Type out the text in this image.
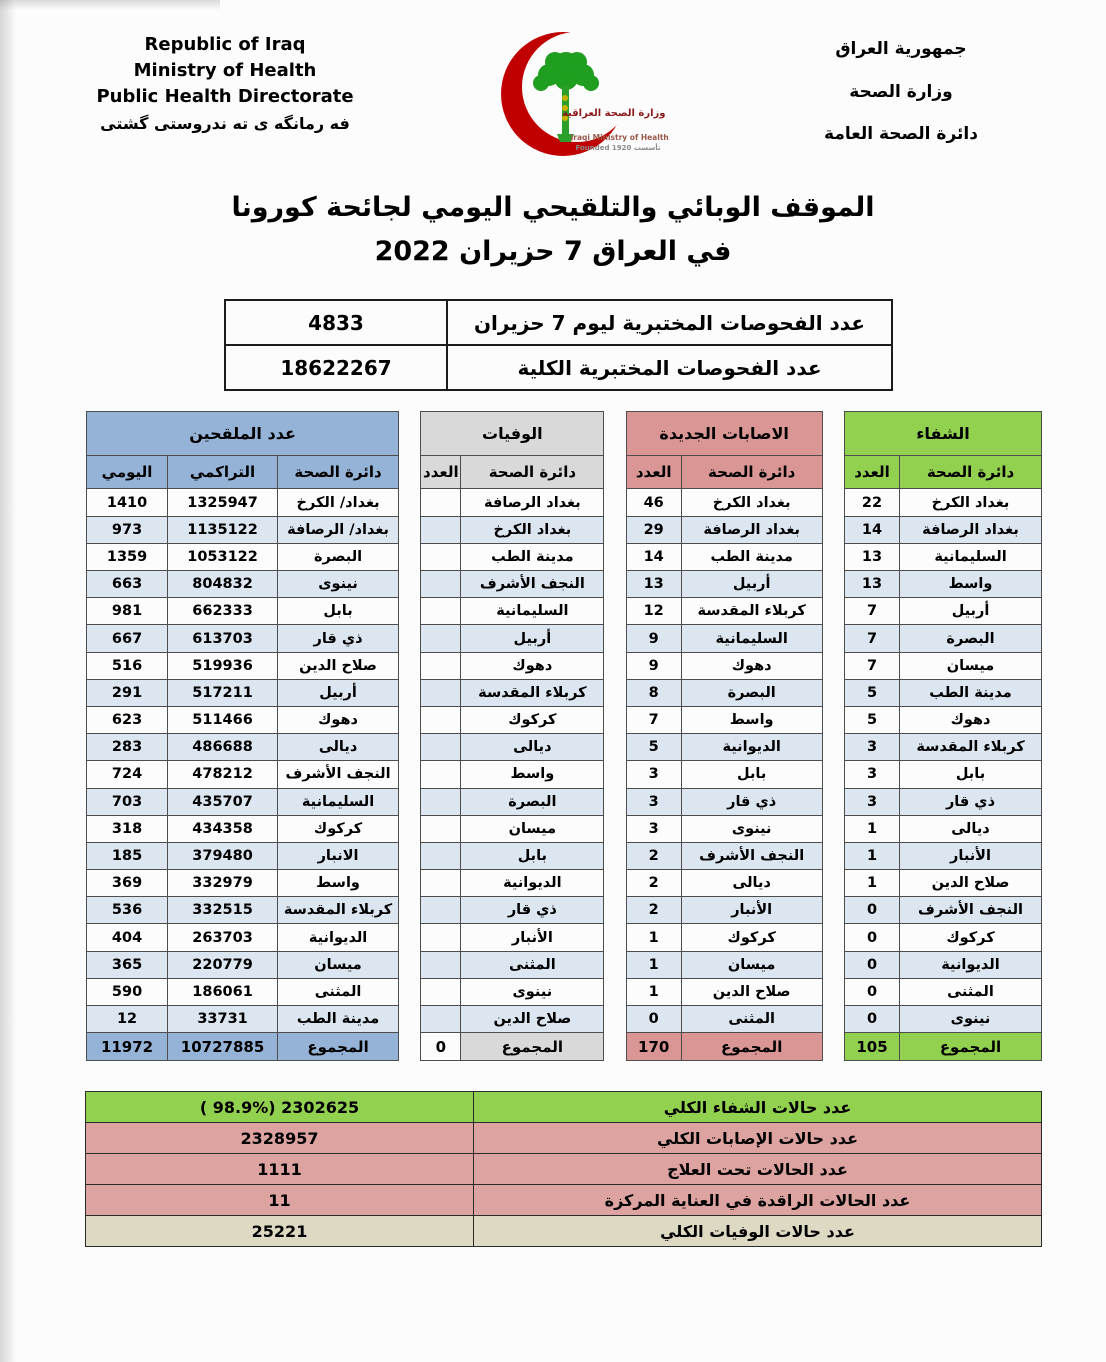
جمهورية العراق
وزارة الصحة
دائرة الصحة العامة
وزارة الصحة العراقية
Iraqi Ministry of Health
Founded 1920 تأسست
Republic of Iraq
Ministry of Health
Public Health Directorate
فه رمانگه ی ته ندروستی گشتی
الموقف الوبائي والتلقيحي اليومي لجائحة كورونا
في العراق 7 حزيران 2022
عدد الفحوصات المختبرية ليوم 7 حزيران	4833
عدد الفحوصات المختبرية الكلية	18622267
الشفاء	
دائرة الصحة	العدد
بغداد الكرخ	22
بغداد الرصافة	14
السليمانية	13
واسط	13
أربيل	7
البصرة	7
ميسان	7
مدينة الطب	5
دهوك	5
كربلاء المقدسة	3
بابل	3
ذي قار	3
ديالى	1
الأنبار	1
صلاح الدين	1
النجف الأشرف	0
كركوك	0
الديوانية	0
المثنى	0
نينوى	0
المجموع	105
الاصابات الجديدة	
دائرة الصحة	العدد
بغداد الكرخ	46
بغداد الرصافة	29
مدينة الطب	14
أربيل	13
كربلاء المقدسة	12
السليمانية	9
دهوك	9
البصرة	8
واسط	7
الديوانية	5
بابل	3
ذي قار	3
نينوى	3
النجف الأشرف	2
ديالى	2
الأنبار	2
كركوك	1
ميسان	1
صلاح الدين	1
المثنى	0
المجموع	170
الوفيات	
دائرة الصحة	العدد
بغداد الرصافة	
بغداد الكرخ	
مدينة الطب	
النجف الأشرف	
السليمانية	
أربيل	
دهوك	
كربلاء المقدسة	
كركوك	
ديالى	
واسط	
البصرة	
ميسان	
بابل	
الديوانية	
ذي قار	
الأنبار	
المثنى	
نينوى	
صلاح الدين	
المجموع	0
عدد الملقحين		
دائرة الصحة	التراكمي	اليومي
بغداد/ الكرخ	1325947	1410
بغداد/ الرصافة	1135122	973
البصرة	1053122	1359
نينوى	804832	663
بابل	662333	981
ذي قار	613703	667
صلاح الدين	519936	516
أربيل	517211	291
دهوك	511466	623
ديالى	486688	283
النجف الأشرف	478212	724
السليمانية	435707	703
كركوك	434358	318
الانبار	379480	185
واسط	332979	369
كربلاء المقدسة	332515	536
الديوانية	263703	404
ميسان	220779	365
المثنى	186061	590
مدينة الطب	33731	12
المجموع	10727885	11972
عدد حالات الشفاء الكلي	( 98.9%) 2302625
عدد حالات الإصابات الكلي	2328957
عدد الحالات تحت العلاج	1111
عدد الحالات الراقدة في العناية المركزة	11
عدد حالات الوفيات الكلي	25221
